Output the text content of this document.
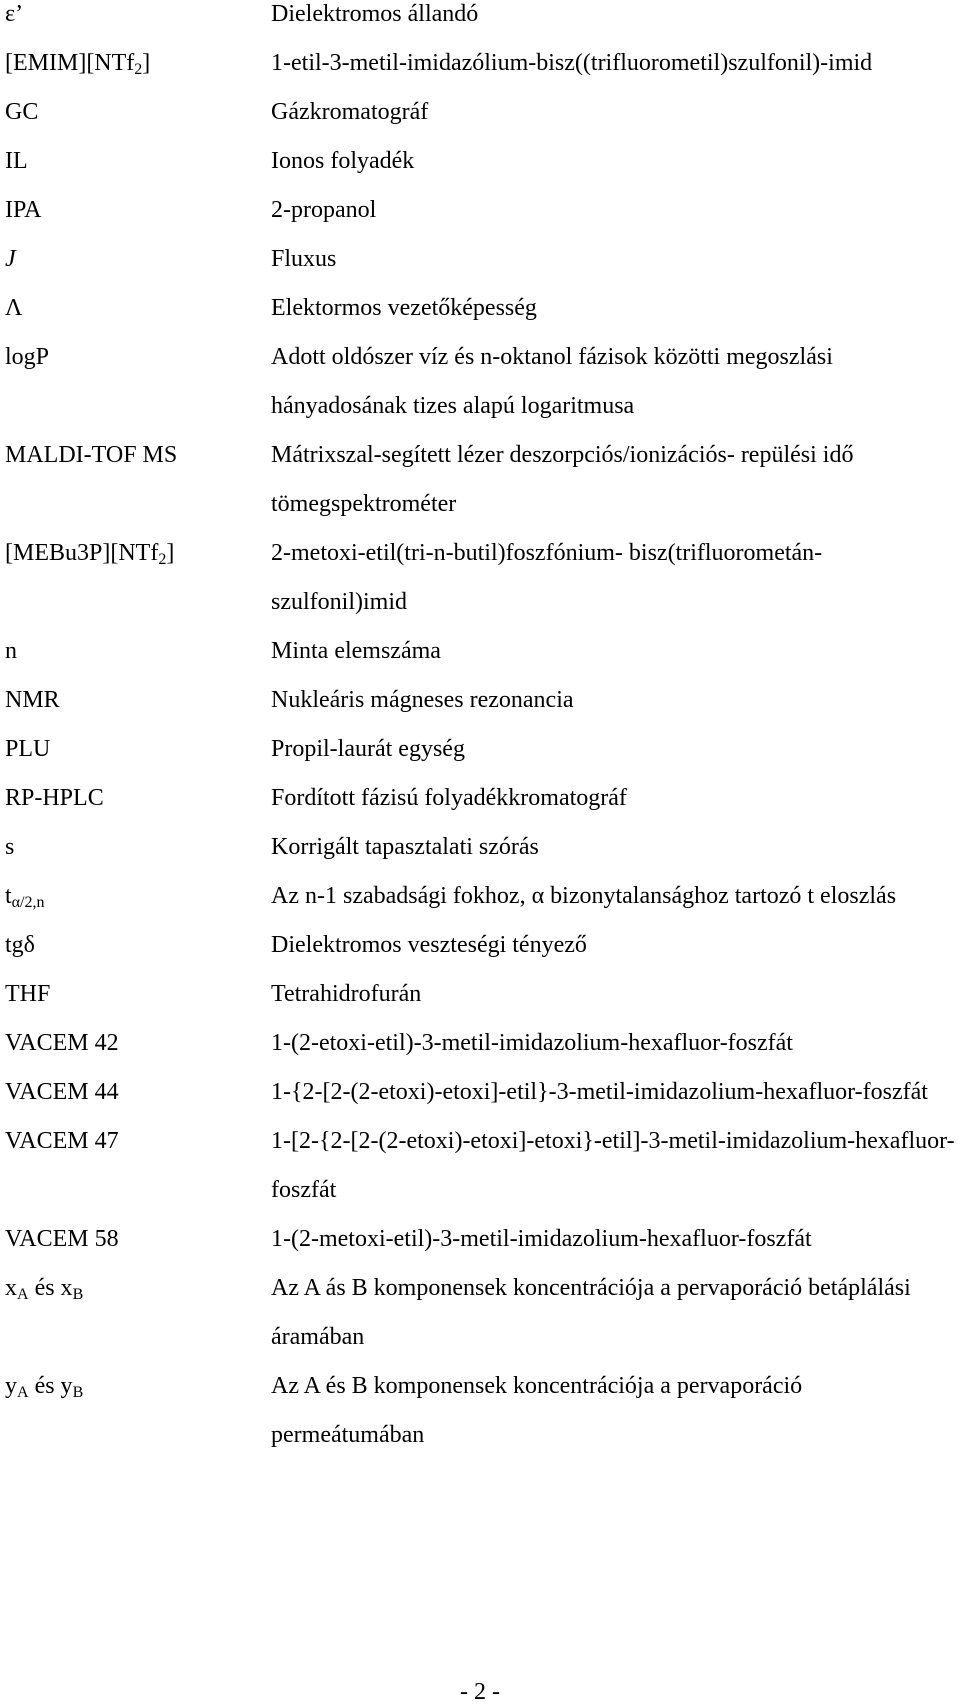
ε’	Dielektromos állandó
[EMIM][NTf$_2$]	1-etil-3-metil-imidazólium-bisz((trifluorometil)szulfonil)-imid
GC	Gázkromatográf
IL	Ionos folyadék
IPA	2-propanol
J	Fluxus
Λ	Elektormos vezetőképesség
logP	Adott oldószer víz és n-oktanol fázisok közötti megoszlási hányadosának tizes alapú logaritmusa
MALDI-TOF MS	Mátrixszal-segített lézer deszorpciós/ionizációs- repülési idő tömegspektrométer
[MEBu3P][NTf$_2$]	2-metoxi-etil(tri-n-butil)foszfónium- bisz(trifluorometán-szulfonil)imid
n	Minta elemszáma
NMR	Nukleáris mágneses rezonancia
PLU	Propil-laurát egység
RP-HPLC	Fordított fázisú folyadékkromatográf
s	Korrigált tapasztalati szórás
$t_{\alpha/2,n}$	Az n-1 szabadsági fokhoz, α bizonytalansághoz tartozó t eloszlás
tgδ	Dielektromos veszteségi tényező
THF	Tetrahidrofurán
VACEM 42	1-(2-etoxi-etil)-3-metil-imidazolium-hexafluor-foszfát
VACEM 44	1-{2-[2-(2-etoxi)-etoxi]-etil}-3-metil-imidazolium-hexafluor-foszfát
VACEM 47	1-[2-{2-[2-(2-etoxi)-etoxi]-etoxi}-etil]-3-metil-imidazolium-hexafluor-foszfát
VACEM 58	1-(2-metoxi-etil)-3-metil-imidazolium-hexafluor-foszfát
$x_A$ és $x_B$	Az A ás B komponensek koncentrációja a pervaporáció betáplálási áramában
$y_A$ és $y_B$	Az A és B komponensek koncentrációja a pervaporáció permeátumában
- 2 -
